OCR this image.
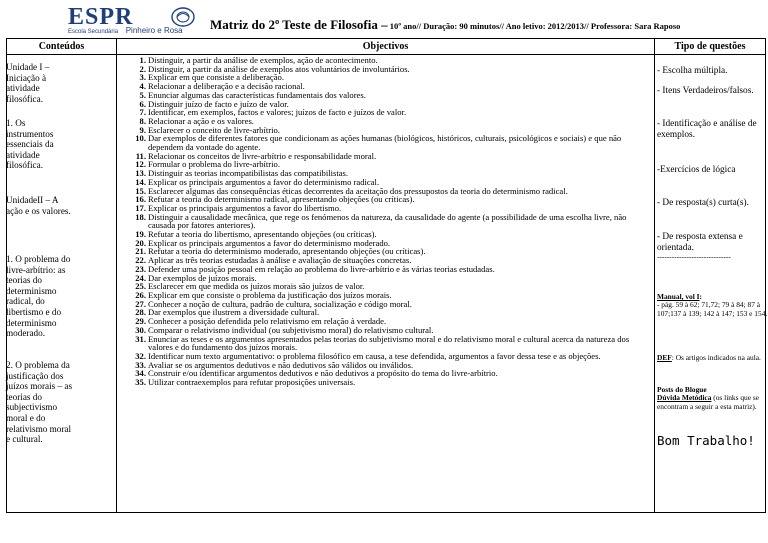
ESPR
Escola Secundária Pinheiro e Rosa Matriz do 2º Teste de Filosofia – 10º ano// Duração: 90 minutos// Ano letivo: 2012/2013// Professora: Sara Raposo
Conteúdos	Objectivos	Tipo de questões
Unidade I – Iniciação à atividade filosófica.
1. Os instrumentos essenciais da atividade filosófica.
UnidadeII – A ação e os valores.
1. O problema do livre-arbítrio: as teorias do determinismo radical, do libertismo e do determinismo moderado.
2. O problema da justificação dos juízos morais – as teorias do subjectivismo moral e do relativismo moral e cultural.
1. Distinguir, a partir da análise de exemplos, ação de acontecimento.
2. Distinguir, a partir da análise de exemplos atos voluntários de involuntários.
3. Explicar em que consiste a deliberação.
4. Relacionar a deliberação e a decisão racional.
5. Enunciar algumas das características fundamentais dos valores.
6. Distinguir juízo de facto e juízo de valor.
7. Identificar, em exemplos, factos e valores; juízos de facto e juízos de valor.
8. Relacionar a ação e os valores.
9. Esclarecer o conceito de livre-arbítrio.
10. Dar exemplos de diferentes fatores que condicionam as ações humanas (biológicos, históricos, culturais, psicológicos e sociais) e que não dependem da vontade do agente.
11. Relacionar os conceitos de livre-arbítrio e responsabilidade moral.
12. Formular o problema do livre-arbítrio.
13. Distinguir as teorias incompatibilistas das compatibilistas.
14. Explicar os principais argumentos a favor do determinismo radical.
15. Esclarecer algumas das consequências éticas decorrentes da aceitação dos pressupostos da teoria do determinismo radical.
16. Refutar a teoria do determinismo radical, apresentando objeções (ou críticas).
17. Explicar os principais argumentos a favor do libertismo.
18. Distinguir a causalidade mecânica, que rege os fenómenos da natureza, da causalidade do agente (a possibilidade de uma escolha livre, não causada por fatores anteriores).
19. Refutar a teoria do libertismo, apresentando objeções (ou críticas).
20. Explicar os principais argumentos a favor do determinismo moderado.
21. Refutar a teoria do determinismo moderado, apresentando objeções (ou críticas).
22. Aplicar as três teorias estudadas à análise e avaliação de situações concretas.
23. Defender uma posição pessoal em relação ao problema do livre-arbítrio e às várias teorias estudadas.
24. Dar exemplos de juízos morais.
25. Esclarecer em que medida os juízos morais são juízos de valor.
26. Explicar em que consiste o problema da justificação dos juízos morais.
27. Conhecer a noção de cultura, padrão de cultura, socialização e código moral.
28. Dar exemplos que ilustrem a diversidade cultural.
29. Conhecer a posição defendida pelo relativismo em relação à verdade.
30. Comparar o relativismo individual (ou subjetivismo moral) do relativismo cultural.
31. Enunciar as teses e os argumentos apresentados pelas teorias do subjetivismo moral e do relativismo moral e cultural acerca da natureza dos valores e do fundamento dos juízos morais.
32. Identificar num texto argumentativo: o problema filosófico em causa, a tese defendida, argumentos a favor dessa tese e as objeções.
33. Avaliar se os argumentos dedutivos e não dedutivos são válidos ou inválidos.
34. Construir e/ou identificar argumentos dedutivos e não dedutivos a propósito do tema do livre-arbítrio.
35. Utilizar contraexemplos para refutar proposições universais.
- Escolha múltipla.
- Itens Verdadeiros/falsos.
- Identificação e análise de exemplos.
-Exercícios de lógica
- De resposta(s) curta(s).
- De resposta extensa e orientada.
------------------------------
Manual, vol I:
- pág. 59 à 62; 71,72; 79 à 84; 87 à 107;137 à 139; 142 à 147; 153 e 154.
DEF: Os artigos indicados na aula.
Posts do Blogue
Dúvida Metódica (os links que se encontram a seguir a esta matriz).
Bom Trabalho!
